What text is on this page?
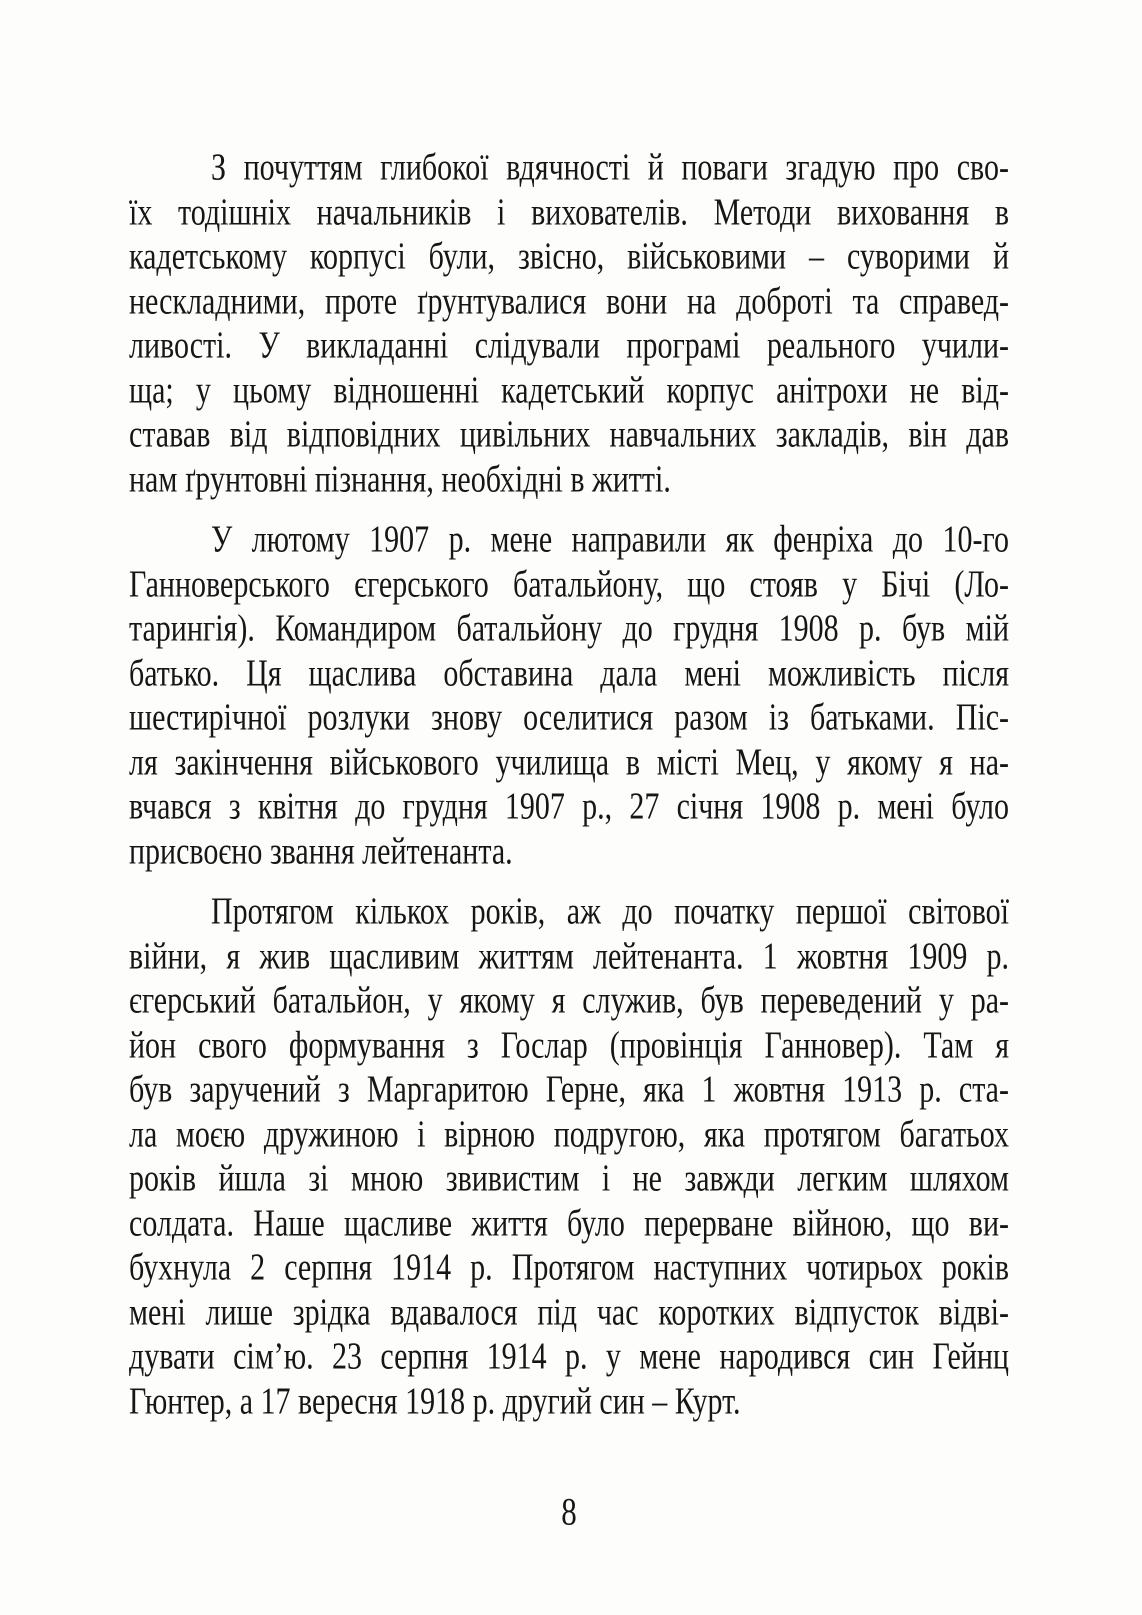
З почуттям глибокої вдячності й поваги згадую про сво-
їх тодішніх начальників і вихователів. Методи виховання в
кадетському корпусі були, звісно, військовими – суворими й
нескладними, проте ґрунтувалися вони на доброті та справед-
ливості. У викладанні слідували програмі реального учили-
ща; у цьому відношенні кадетський корпус анітрохи не від-
ставав від відповідних цивільних навчальних закладів, він дав
нам ґрунтовні пізнання, необхідні в житті.
У лютому 1907 р. мене направили як фенріха до 10-го
Ганноверського єгерського батальйону, що стояв у Бічі (Ло-
тарингія). Командиром батальйону до грудня 1908 р. був мій
батько. Ця щаслива обставина дала мені можливість після
шестирічної розлуки знову оселитися разом із батьками. Піс-
ля закінчення військового училища в місті Мец, у якому я на-
вчався з квітня до грудня 1907 р., 27 січня 1908 р. мені було
присвоєно звання лейтенанта.
Протягом кількох років, аж до початку першої світової
війни, я жив щасливим життям лейтенанта. 1 жовтня 1909 р.
єгерський батальйон, у якому я служив, був переведений у ра-
йон свого формування з Гослар (провінція Ганновер). Там я
був заручений з Маргаритою Герне, яка 1 жовтня 1913 р. ста-
ла моєю дружиною і вірною подругою, яка протягом багатьох
років йшла зі мною звивистим і не завжди легким шляхом
солдата. Наше щасливе життя було перерване війною, що ви-
бухнула 2 серпня 1914 р. Протягом наступних чотирьох років
мені лише зрідка вдавалося під час коротких відпусток відві-
дувати сім’ю. 23 серпня 1914 р. у мене народився син Гейнц
Гюнтер, а 17 вересня 1918 р. другий син – Курт.
8
